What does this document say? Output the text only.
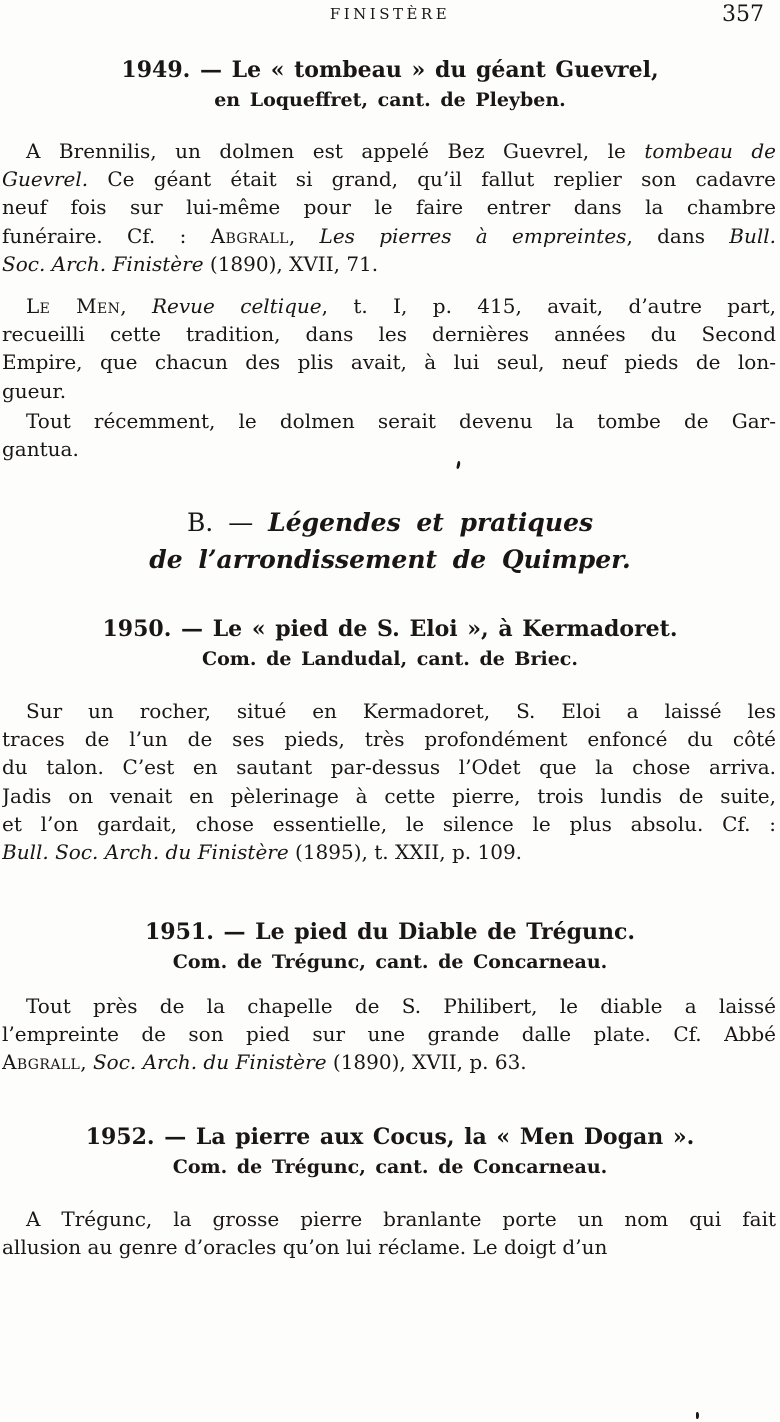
FINISTÈRE	357
1949. — Le « tombeau » du géant Guevrel,
en Loqueffret, cant. de Pleyben.
A Brennilis, un dolmen est appelé Bez Guevrel, le tombeau de
Guevrel. Ce géant était si grand, qu’il fallut replier son cadavre
neuf fois sur lui-même pour le faire entrer dans la chambre
funéraire. Cf. : Abgrall, Les pierres à empreintes, dans Bull.
Soc. Arch. Finistère (1890), XVII, 71.
Le Men, Revue celtique, t. I, p. 415, avait, d’autre part,
recueilli cette tradition, dans les dernières années du Second
Empire, que chacun des plis avait, à lui seul, neuf pieds de lon-
gueur.
Tout récemment, le dolmen serait devenu la tombe de Gar-
gantua.
B. — Légendes et pratiques
de l’arrondissement de Quimper.
1950. — Le « pied de S. Eloi », à Kermadoret.
Com. de Landudal, cant. de Briec.
Sur un rocher, situé en Kermadoret, S. Eloi a laissé les
traces de l’un de ses pieds, très profondément enfoncé du côté
du talon. C’est en sautant par-dessus l’Odet que la chose arriva.
Jadis on venait en pèlerinage à cette pierre, trois lundis de suite,
et l’on gardait, chose essentielle, le silence le plus absolu. Cf. :
Bull. Soc. Arch. du Finistère (1895), t. XXII, p. 109.
1951. — Le pied du Diable de Trégunc.
Com. de Trégunc, cant. de Concarneau.
Tout près de la chapelle de S. Philibert, le diable a laissé
l’empreinte de son pied sur une grande dalle plate. Cf. Abbé
Abgrall, Soc. Arch. du Finistère (1890), XVII, p. 63.
1952. — La pierre aux Cocus, la « Men Dogan ».
Com. de Trégunc, cant. de Concarneau.
A Trégunc, la grosse pierre branlante porte un nom qui fait
allusion au genre d’oracles qu’on lui réclame. Le doigt d’un
